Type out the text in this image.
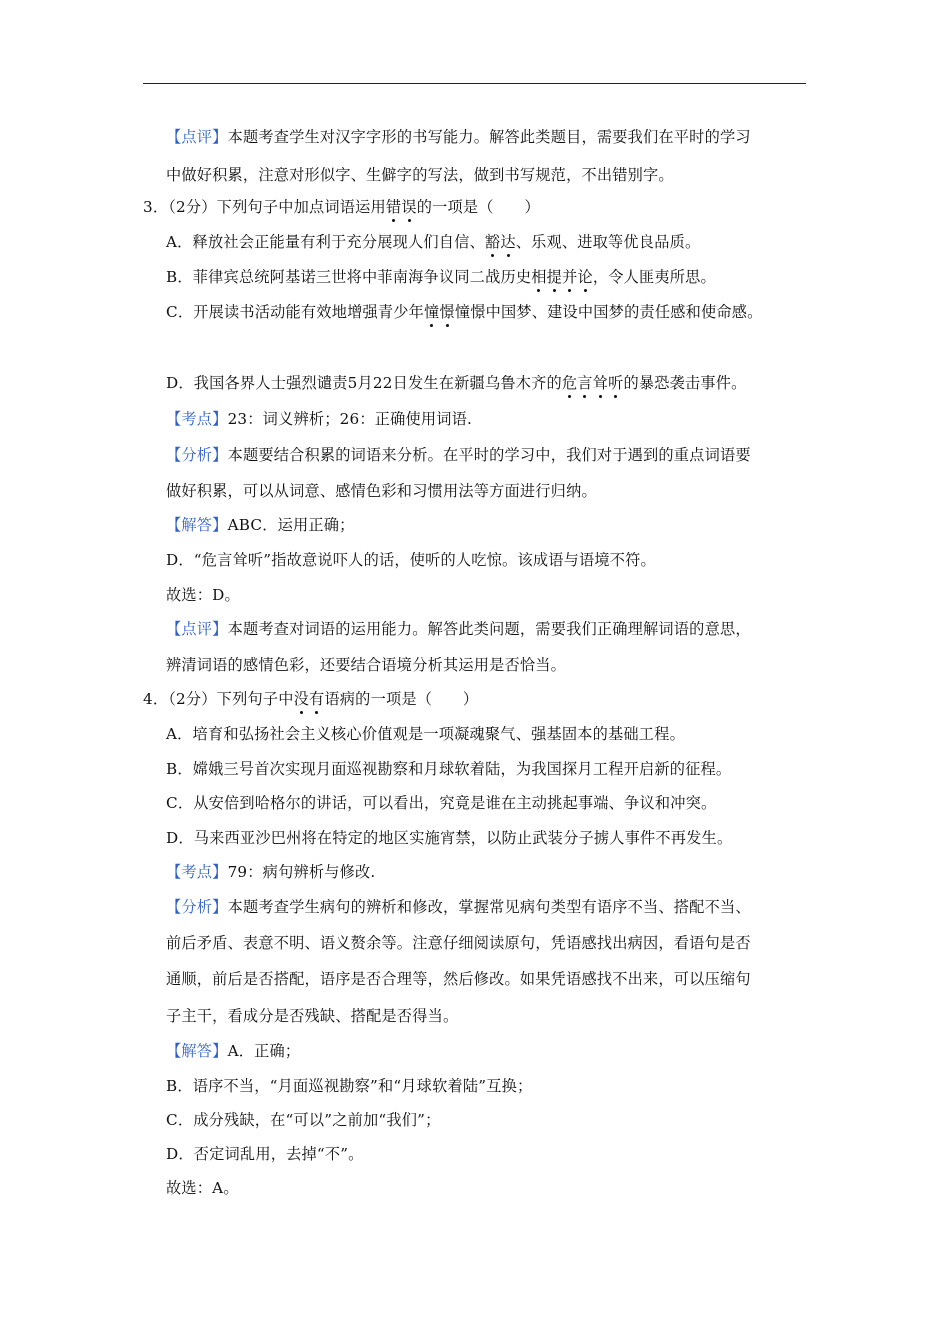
【点评】本题考查学生对汉字字形的书写能力。解答此类题目，需要我们在平时的学习
中做好积累，注意对形似字、生僻字的写法，做到书写规范，不出错别字。
3．（2分）下列句子中加点词语运用错误的一项是（　　）
A．释放社会正能量有利于充分展现人们自信、豁达、乐观、进取等优良品质。
B．菲律宾总统阿基诺三世将中菲南海争议同二战历史相提并论，令人匪夷所思。
C．开展读书活动能有效地增强青少年憧憬憧憬中国梦、建设中国梦的责任感和使命感。
D．我国各界人士强烈谴责5月22日发生在新疆乌鲁木齐的危言耸听的暴恐袭击事件。
【考点】23：词义辨析；26：正确使用词语.
【分析】本题要结合积累的词语来分析。在平时的学习中，我们对于遇到的重点词语要
做好积累，可以从词意、感情色彩和习惯用法等方面进行归纳。
【解答】ABC．运用正确；
D．“危言耸听”指故意说吓人的话，使听的人吃惊。该成语与语境不符。
故选：D。
【点评】本题考查对词语的运用能力。解答此类问题，需要我们正确理解词语的意思，
辨清词语的感情色彩，还要结合语境分析其运用是否恰当。
4．（2分）下列句子中没有语病的一项是（　　）
A．培育和弘扬社会主义核心价值观是一项凝魂聚气、强基固本的基础工程。
B．嫦娥三号首次实现月面巡视勘察和月球软着陆，为我国探月工程开启新的征程。
C．从安倍到哈格尔的讲话，可以看出，究竟是谁在主动挑起事端、争议和冲突。
D．马来西亚沙巴州将在特定的地区实施宵禁，以防止武装分子掳人事件不再发生。
【考点】79：病句辨析与修改.
【分析】本题考查学生病句的辨析和修改，掌握常见病句类型有语序不当、搭配不当、
前后矛盾、表意不明、语义赘余等。注意仔细阅读原句，凭语感找出病因，看语句是否
通顺，前后是否搭配，语序是否合理等，然后修改。如果凭语感找不出来，可以压缩句
子主干，看成分是否残缺、搭配是否得当。
【解答】A．正确；
B．语序不当，“月面巡视勘察”和“月球软着陆”互换；
C．成分残缺，在“可以”之前加“我们”；
D．否定词乱用，去掉“不”。
故选：A。
